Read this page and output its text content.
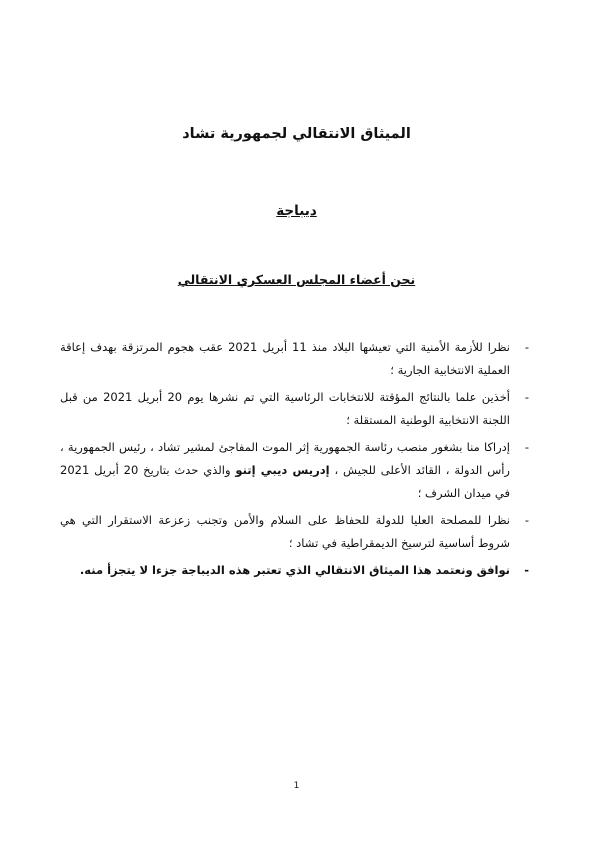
الميثاق الانتقالي لجمهورية تشاد
ديباجة
نحن أعضاء المجلس العسكري الانتقالي
-
نظرا للأزمة الأمنية التي تعيشها البلاد منذ 11 أبريل 2021 عقب هجوم المرتزقة بهدف إعاقة العملية الانتخابية الجارية ؛
-
أخذين علما بالنتائج المؤقتة للانتخابات الرئاسية التي تم نشرها يوم 20 أبريل 2021 من قبل اللجنة الانتخابية الوطنية المستقلة ؛
-
إدراكا منا بشغور منصب رئاسة الجمهورية إثر الموت المفاجئ لمشير تشاد ، رئيس الجمهورية ، رأس الدولة ، القائد الأعلى للجيش ، إدريس ديبي إتنو والذي حدث بتاريخ 20 أبريل 2021 في ميدان الشرف ؛
-
نظرا للمصلحة العليا للدولة للحفاظ على السلام والأمن وتجنب زعزعة الاستقرار التي هي شروط أساسية لترسيخ الديمقراطية في تشاد ؛
-
نوافق ونعتمد هذا الميثاق الانتقالي الذي تعتبر هذه الديباجة جزءا لا يتجزأ منه.
1
